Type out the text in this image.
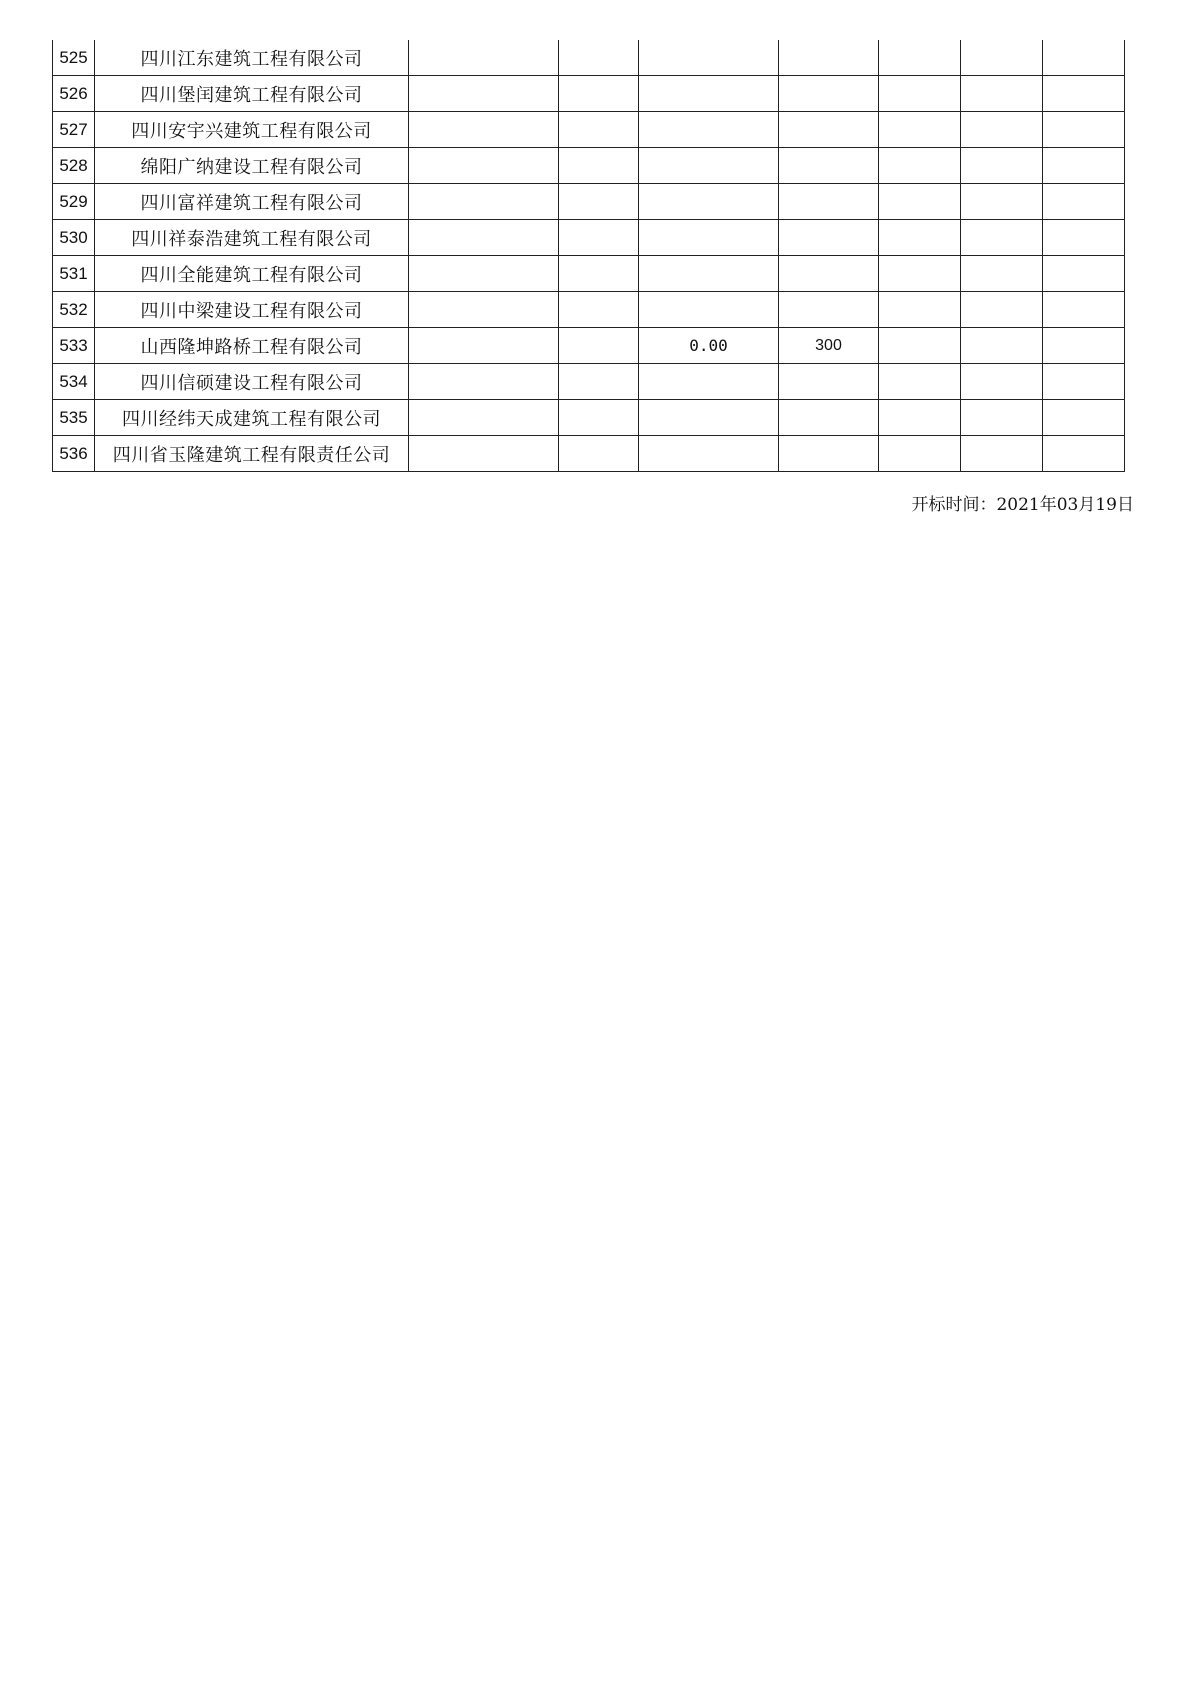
525	四川江东建筑工程有限公司							
526	四川堡闰建筑工程有限公司							
527	四川安宇兴建筑工程有限公司							
528	绵阳广纳建设工程有限公司							
529	四川富祥建筑工程有限公司							
530	四川祥泰浩建筑工程有限公司							
531	四川全能建筑工程有限公司							
532	四川中梁建设工程有限公司							
533	山西隆坤路桥工程有限公司			0.00	300			
534	四川信硕建设工程有限公司							
535	四川经纬天成建筑工程有限公司							
536	四川省玉隆建筑工程有限责任公司							
开标时间：2021年03月19日
